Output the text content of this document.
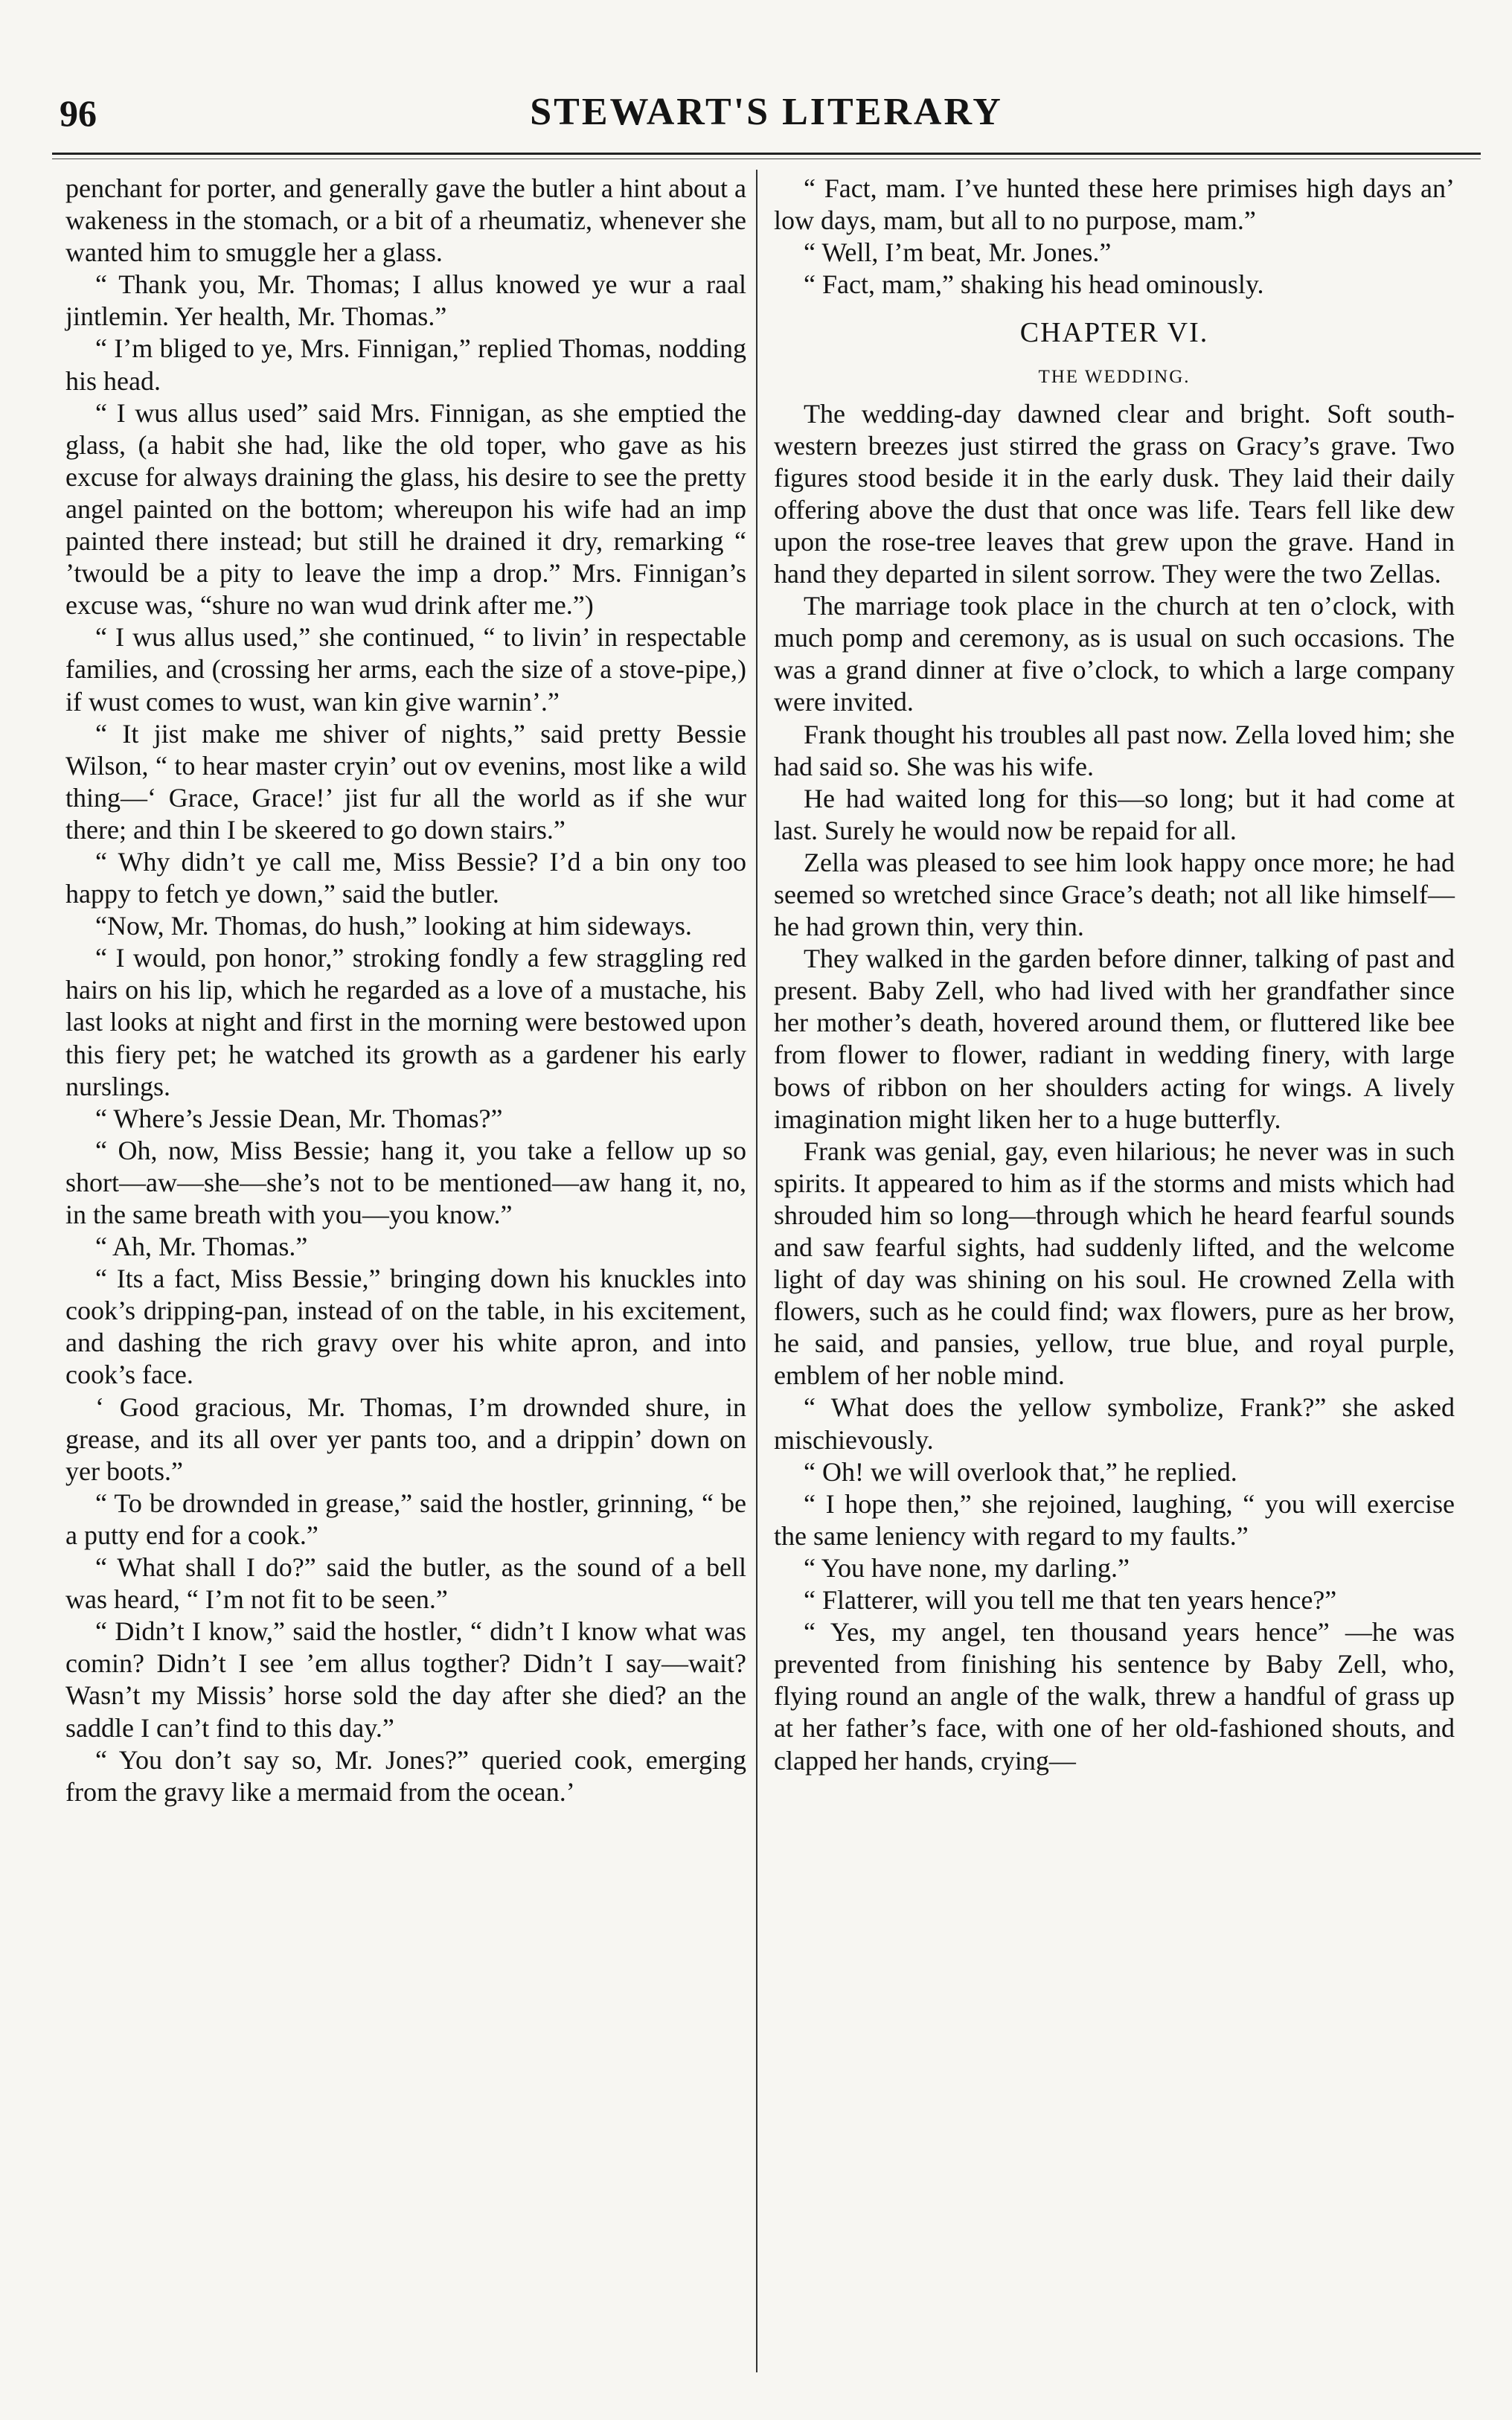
96	STEWART'S LITERARY

penchant for porter, and generally gave the butler a hint about a wakeness in the stomach, or a bit of a rheumatiz, whenever she wanted him to smuggle her a glass.

“ Thank you, Mr. Thomas; I allus knowed ye wur a raal jintlemin. Yer health, Mr. Thomas.”

“ I’m bliged to ye, Mrs. Finnigan,” replied Thomas, nodding his head.

“ I wus allus used” said Mrs. Finnigan, as she emptied the glass, (a habit she had, like the old toper, who gave as his excuse for always draining the glass, his desire to see the pretty angel painted on the bottom; whereupon his wife had an imp painted there instead; but still he drained it dry, remarking “ ’twould be a pity to leave the imp a drop.” Mrs. Finnigan’s excuse was, “shure no wan wud drink after me.”)

“ I wus allus used,” she continued, “ to livin’ in respectable families, and (crossing her arms, each the size of a stove-pipe,) if wust comes to wust, wan kin give warnin’.”

“ It jist make me shiver of nights,” said pretty Bessie Wilson, “ to hear master cryin’ out ov evenins, most like a wild thing—‘ Grace, Grace!’ jist fur all the world as if she wur there; and thin I be skeered to go down stairs.”

“ Why didn’t ye call me, Miss Bessie? I’d a bin ony too happy to fetch ye down,” said the butler.

“Now, Mr. Thomas, do hush,” looking at him sideways.

“ I would, pon honor,” stroking fondly a few straggling red hairs on his lip, which he regarded as a love of a mustache, his last looks at night and first in the morning were bestowed upon this fiery pet; he watched its growth as a gardener his early nurslings.

“ Where’s Jessie Dean, Mr. Thomas?”

“ Oh, now, Miss Bessie; hang it, you take a fellow up so short—aw—she—she’s not to be mentioned—aw hang it, no, in the same breath with you—you know.”

“ Ah, Mr. Thomas.”

“ Its a fact, Miss Bessie,” bringing down his knuckles into cook’s dripping-pan, instead of on the table, in his excitement, and dashing the rich gravy over his white apron, and into cook’s face.

‘ Good gracious, Mr. Thomas, I’m drownded shure, in grease, and its all over yer pants too, and a drippin’ down on yer boots.”

“ To be drownded in grease,” said the hostler, grinning, “ be a putty end for a cook.”

“ What shall I do?” said the butler, as the sound of a bell was heard, “ I’m not fit to be seen.”

“ Didn’t I know,” said the hostler, “ didn’t I know what was comin? Didn’t I see ’em allus togther? Didn’t I say—wait? Wasn’t my Missis’ horse sold the day after she died? an the saddle I can’t find to this day.”

“ You don’t say so, Mr. Jones?” queried cook, emerging from the gravy like a mermaid from the ocean.’

“ Fact, mam. I’ve hunted these here primises high days an’ low days, mam, but all to no purpose, mam.”

“ Well, I’m beat, Mr. Jones.”

“ Fact, mam,” shaking his head ominously.

CHAPTER VI.
THE WEDDING.

The wedding-day dawned clear and bright. Soft south-western breezes just stirred the grass on Gracy’s grave. Two figures stood beside it in the early dusk. They laid their daily offering above the dust that once was life. Tears fell like dew upon the rose-tree leaves that grew upon the grave. Hand in hand they departed in silent sorrow. They were the two Zellas.

The marriage took place in the church at ten o’clock, with much pomp and ceremony, as is usual on such occasions. The was a grand dinner at five o’clock, to which a large company were invited.

Frank thought his troubles all past now. Zella loved him; she had said so. She was his wife.

He had waited long for this—so long; but it had come at last. Surely he would now be repaid for all.

Zella was pleased to see him look happy once more; he had seemed so wretched since Grace’s death; not all like himself—he had grown thin, very thin.

They walked in the garden before dinner, talking of past and present. Baby Zell, who had lived with her grandfather since her mother’s death, hovered around them, or fluttered like bee from flower to flower, radiant in wedding finery, with large bows of ribbon on her shoulders acting for wings. A lively imagination might liken her to a huge butterfly.

Frank was genial, gay, even hilarious; he never was in such spirits. It appeared to him as if the storms and mists which had shrouded him so long—through which he heard fearful sounds and saw fearful sights, had suddenly lifted, and the welcome light of day was shining on his soul. He crowned Zella with flowers, such as he could find; wax flowers, pure as her brow, he said, and pansies, yellow, true blue, and royal purple, emblem of her noble mind.

“ What does the yellow symbolize, Frank?” she asked mischievously.

“ Oh! we will overlook that,” he replied.

“ I hope then,” she rejoined, laughing, “ you will exercise the same leniency with regard to my faults.”

“ You have none, my darling.”

“ Flatterer, will you tell me that ten years hence?”

“ Yes, my angel, ten thousand years hence” —he was prevented from finishing his sentence by Baby Zell, who, flying round an angle of the walk, threw a handful of grass up at her father’s face, with one of her old-fashioned shouts, and clapped her hands, crying—
